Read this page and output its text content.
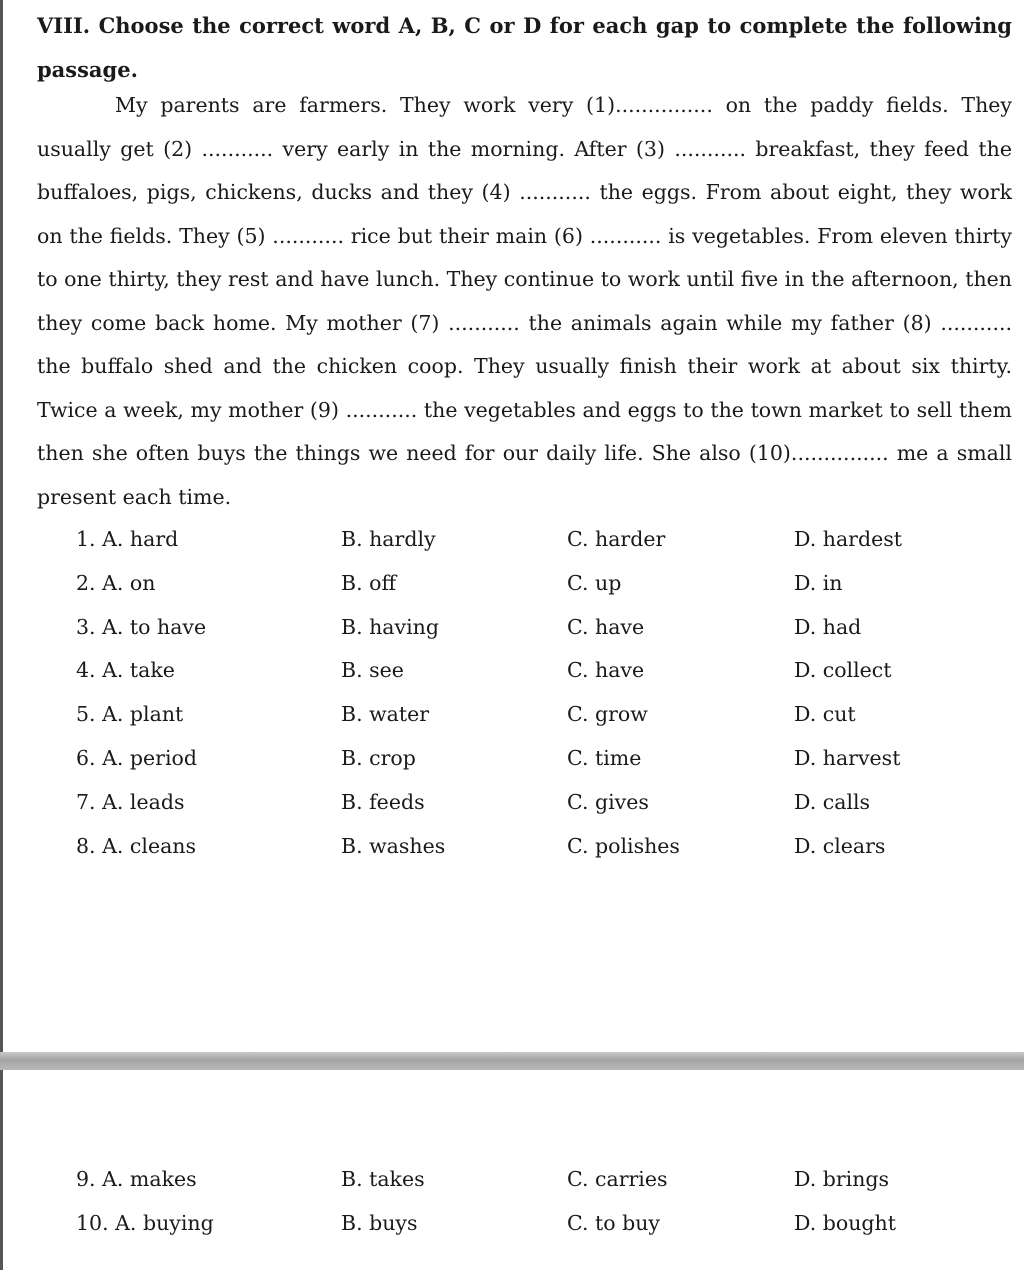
VIII. Choose the correct word A, B, C or D for each gap to complete the following passage.
My parents are farmers. They work very (1)............... on the paddy fields. They usually get (2) ........... very early in the morning. After (3) ........... breakfast, they feed the buffaloes, pigs, chickens, ducks and they (4) ........... the eggs. From about eight, they work on the fields. They (5) ........... rice but their main (6) ........... is vegetables. From eleven thirty to one thirty, they rest and have lunch. They continue to work until five in the afternoon, then they come back home. My mother (7) ........... the animals again while my father (8) ........... the buffalo shed and the chicken coop. They usually finish their work at about six thirty. Twice a week, my mother (9) ........... the vegetables and eggs to the town market to sell them then she often buys the things we need for our daily life. She also (10)............... me a small present each time.
1. A. hard	B. hardly	C. harder	D. hardest
2. A. on	B. off	C. up	D. in
3. A. to have	B. having	C. have	D. had
4. A. take	B. see	C. have	D. collect
5. A. plant	B. water	C. grow	D. cut
6. A. period	B. crop	C. time	D. harvest
7. A. leads	B. feeds	C. gives	D. calls
8. A. cleans	B. washes	C. polishes	D. clears
9. A. makes	B. takes	C. carries	D. brings
10. A. buying	B. buys	C. to buy	D. bought
